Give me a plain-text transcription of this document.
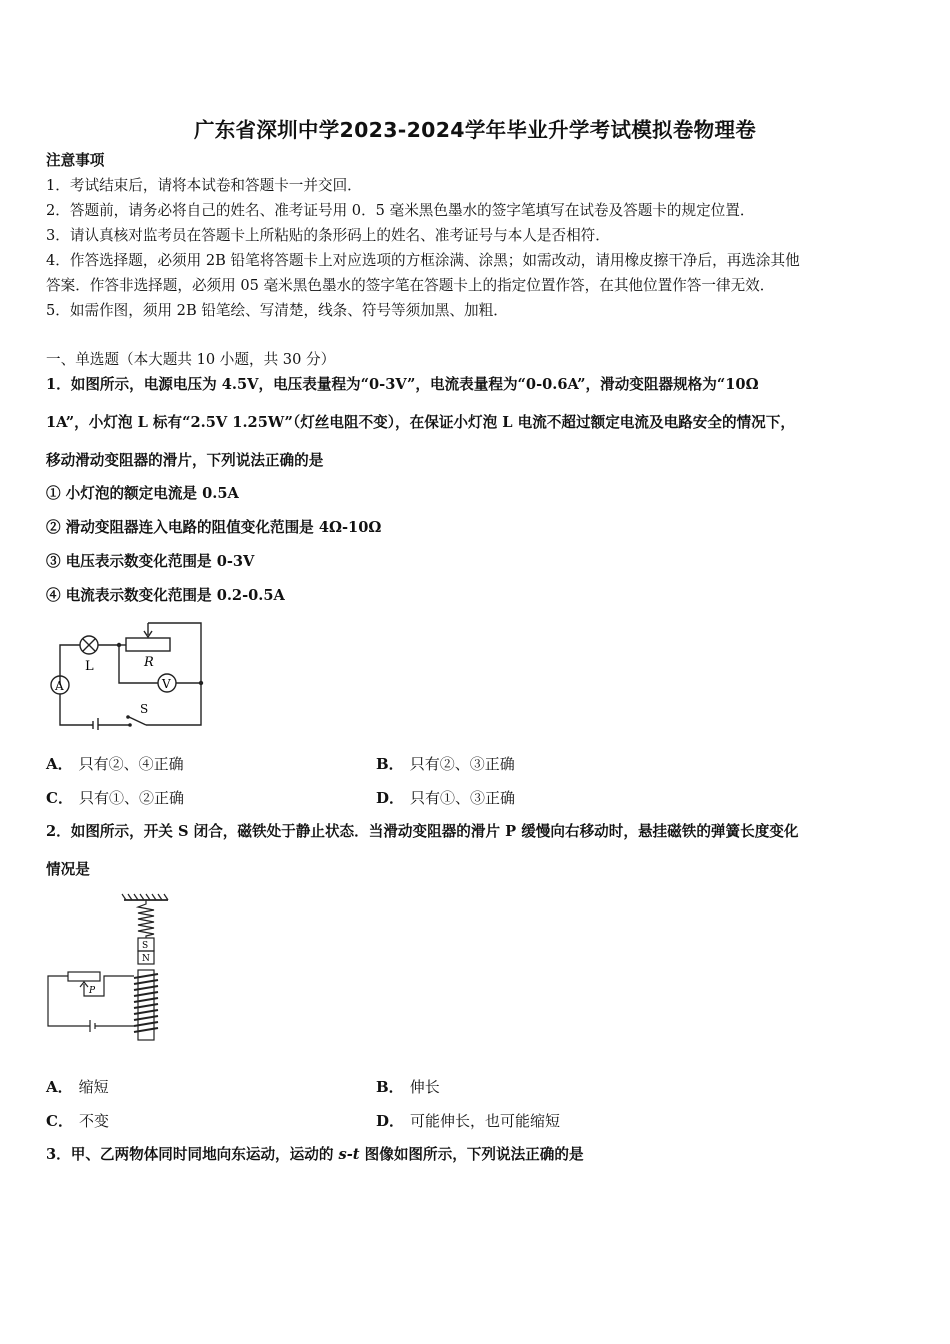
广东省深圳中学2023-2024学年毕业升学考试模拟卷物理卷
注意事项
1．考试结束后，请将本试卷和答题卡一并交回．
2．答题前，请务必将自己的姓名、准考证号用 0．5 毫米黑色墨水的签字笔填写在试卷及答题卡的规定位置．
3．请认真核对监考员在答题卡上所粘贴的条形码上的姓名、准考证号与本人是否相符．
4．作答选择题，必须用 2B 铅笔将答题卡上对应选项的方框涂满、涂黑；如需改动，请用橡皮擦干净后，再选涂其他
答案．作答非选择题，必须用 05 毫米黑色墨水的签字笔在答题卡上的指定位置作答，在其他位置作答一律无效．
5．如需作图，须用 2B 铅笔绘、写清楚，线条、符号等须加黑、加粗．
一、单选题（本大题共 10 小题，共 30 分）
1．如图所示，电源电压为 4.5V，电压表量程为“0-3V”，电流表量程为“0-0.6A”，滑动变阻器规格为“10Ω
1A”，小灯泡 L 标有“2.5V 1.25W”（灯丝电阻不变），在保证小灯泡 L 电流不超过额定电流及电路安全的情况下，
移动滑动变阻器的滑片，下列说法正确的是
① 小灯泡的额定电流是 0.5A
② 滑动变阻器连入电路的阻值变化范围是 4Ω-10Ω
③ 电压表示数变化范围是 0-3V
④ 电流表示数变化范围是 0.2-0.5A
L	R
V
A
S
A． 只有②、④正确	B． 只有②、③正确
C． 只有①、②正确	D． 只有①、③正确
2．如图所示，开关 S 闭合，磁铁处于静止状态．当滑动变阻器的滑片 P 缓慢向右移动时，悬挂磁铁的弹簧长度变化
情况是
S
N
P
A． 缩短	B． 伸长
C． 不变	D． 可能伸长，也可能缩短
3．甲、乙两物体同时同地向东运动，运动的 s-t 图像如图所示，下列说法正确的是
